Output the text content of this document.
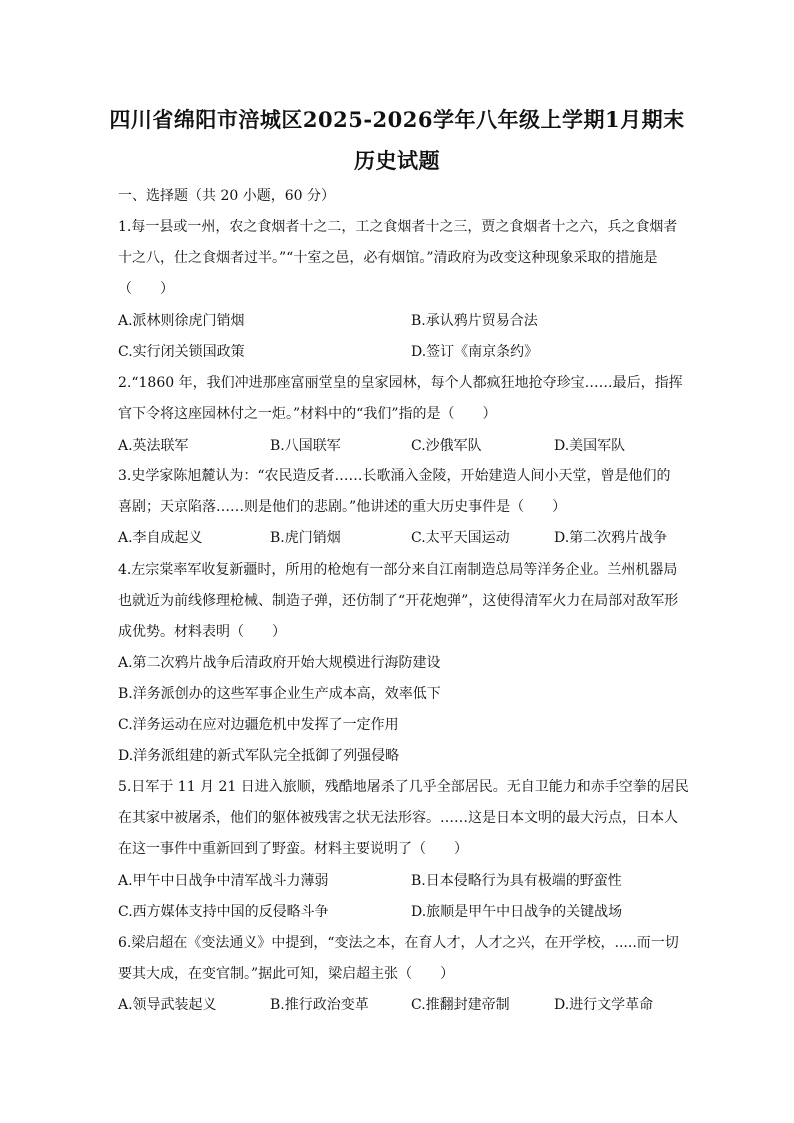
四川省绵阳市涪城区2025-2026学年八年级上学期1月期末
历史试题
一、选择题（共 20 小题，60 分）
1.每一县或一州，农之食烟者十之二，工之食烟者十之三，贾之食烟者十之六，兵之食烟者
十之八，仕之食烟者过半。”“十室之邑，必有烟馆。”清政府为改变这种现象采取的措施是
（　　）
A.派林则徐虎门销烟	B.承认鸦片贸易合法
C.实行闭关锁国政策	D.签订《南京条约》
2.“1860 年，我们冲进那座富丽堂皇的皇家园林，每个人都疯狂地抢夺珍宝……最后，指挥
官下令将这座园林付之一炬。”材料中的“我们”指的是（　　）
A.英法联军	B.八国联军	C.沙俄军队	D.美国军队
3.史学家陈旭麓认为：“农民造反者……长歌涌入金陵，开始建造人间小天堂，曾是他们的
喜剧；天京陷落……则是他们的悲剧。”他讲述的重大历史事件是（　　）
A.李自成起义	B.虎门销烟	C.太平天国运动	D.第二次鸦片战争
4.左宗棠率军收复新疆时，所用的枪炮有一部分来自江南制造总局等洋务企业。兰州机器局
也就近为前线修理枪械、制造子弹，还仿制了“开花炮弹”，这使得清军火力在局部对敌军形
成优势。材料表明（　　）
A.第二次鸦片战争后清政府开始大规模进行海防建设
B.洋务派创办的这些军事企业生产成本高，效率低下
C.洋务运动在应对边疆危机中发挥了一定作用
D.洋务派组建的新式军队完全抵御了列强侵略
5.日军于 11 月 21 日进入旅顺，残酷地屠杀了几乎全部居民。无自卫能力和赤手空拳的居民
在其家中被屠杀，他们的躯体被残害之状无法形容。……这是日本文明的最大污点，日本人
在这一事件中重新回到了野蛮。材料主要说明了（　　）
A.甲午中日战争中清军战斗力薄弱	B.日本侵略行为具有极端的野蛮性
C.西方媒体支持中国的反侵略斗争	D.旅顺是甲午中日战争的关键战场
6.梁启超在《变法通义》中提到，“变法之本，在育人才，人才之兴，在开学校，.....而一切
要其大成，在变官制。”据此可知，梁启超主张（　　）
A.领导武装起义	B.推行政治变革	C.推翻封建帝制	D.进行文学革命
